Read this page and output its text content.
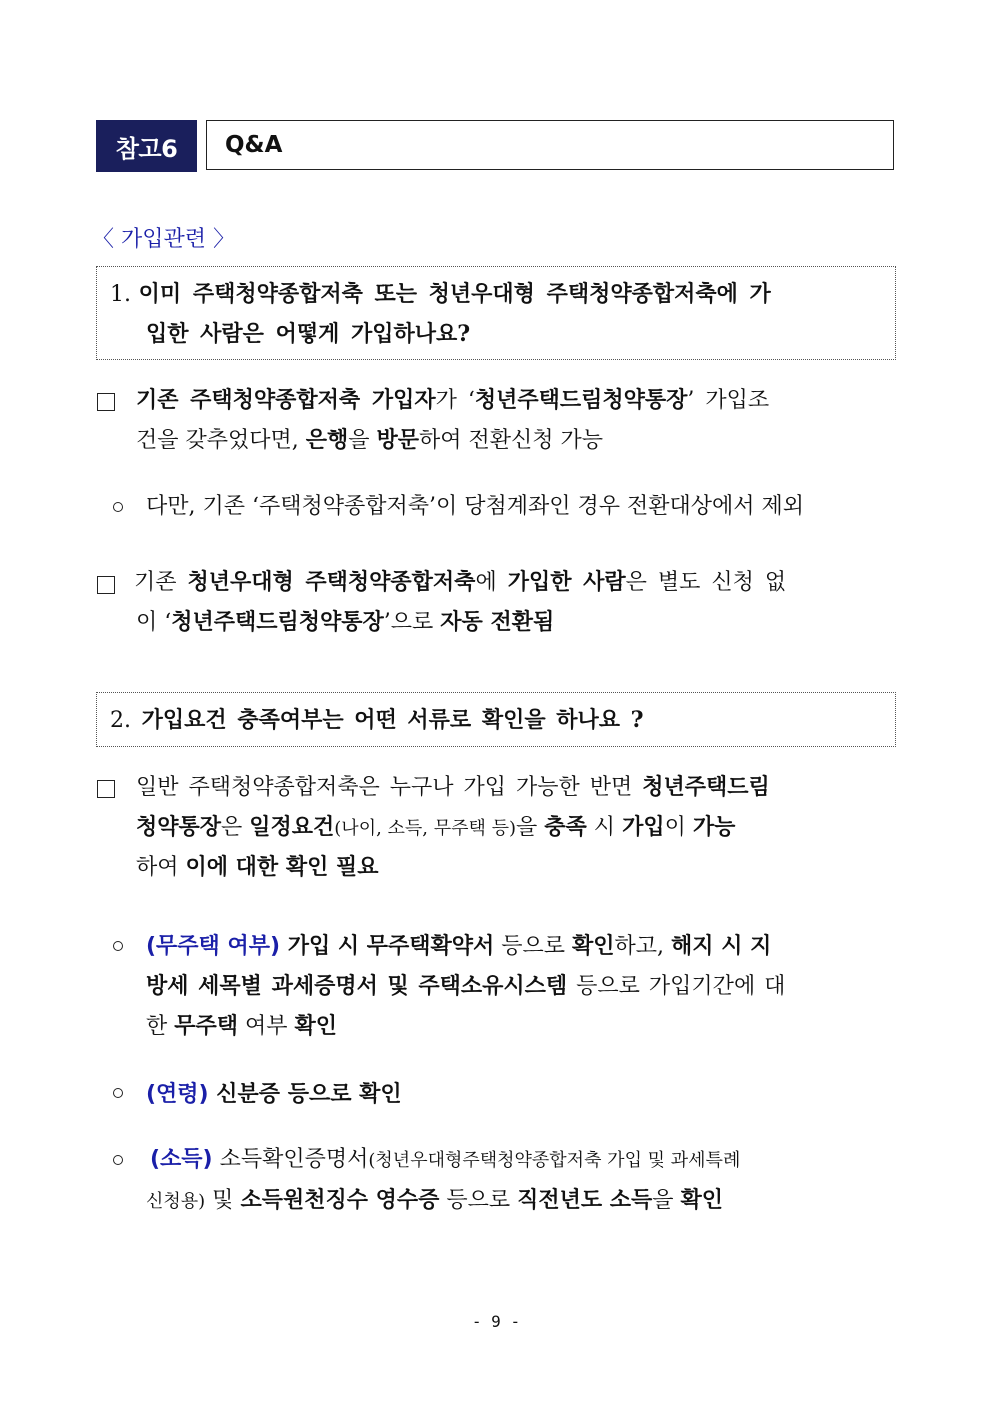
참고6	Q&A
〈 가입관련 〉
1. 이미 주택청약종합저축 또는 청년우대형 주택청약종합저축에 가
입한 사람은 어떻게 가입하나요?
기존 주택청약종합저축 가입자가 ‘청년주택드림청약통장’ 가입조
건을 갖추었다면, 은행을 방문하여 전환신청 가능
다만, 기존 ‘주택청약종합저축’이 당첨계좌인 경우 전환대상에서 제외
기존 청년우대형 주택청약종합저축에 가입한 사람은 별도 신청 없
이 ‘청년주택드림청약통장’으로 자동 전환됨
2. 가입요건 충족여부는 어떤 서류로 확인을 하나요 ?
일반 주택청약종합저축은 누구나 가입 가능한 반면 청년주택드림
청약통장은 일정요건(나이, 소득, 무주택 등)을 충족 시 가입이 가능
하여 이에 대한 확인 필요
(무주택 여부) 가입 시 무주택확약서 등으로 확인하고, 해지 시 지
방세 세목별 과세증명서 및 주택소유시스템 등으로 가입기간에 대
한 무주택 여부 확인
(연령) 신분증 등으로 확인
(소득) 소득확인증명서(청년우대형주택청약종합저축 가입 및 과세특례
신청용) 및 소득원천징수 영수증 등으로 직전년도 소득을 확인
- 9 -
